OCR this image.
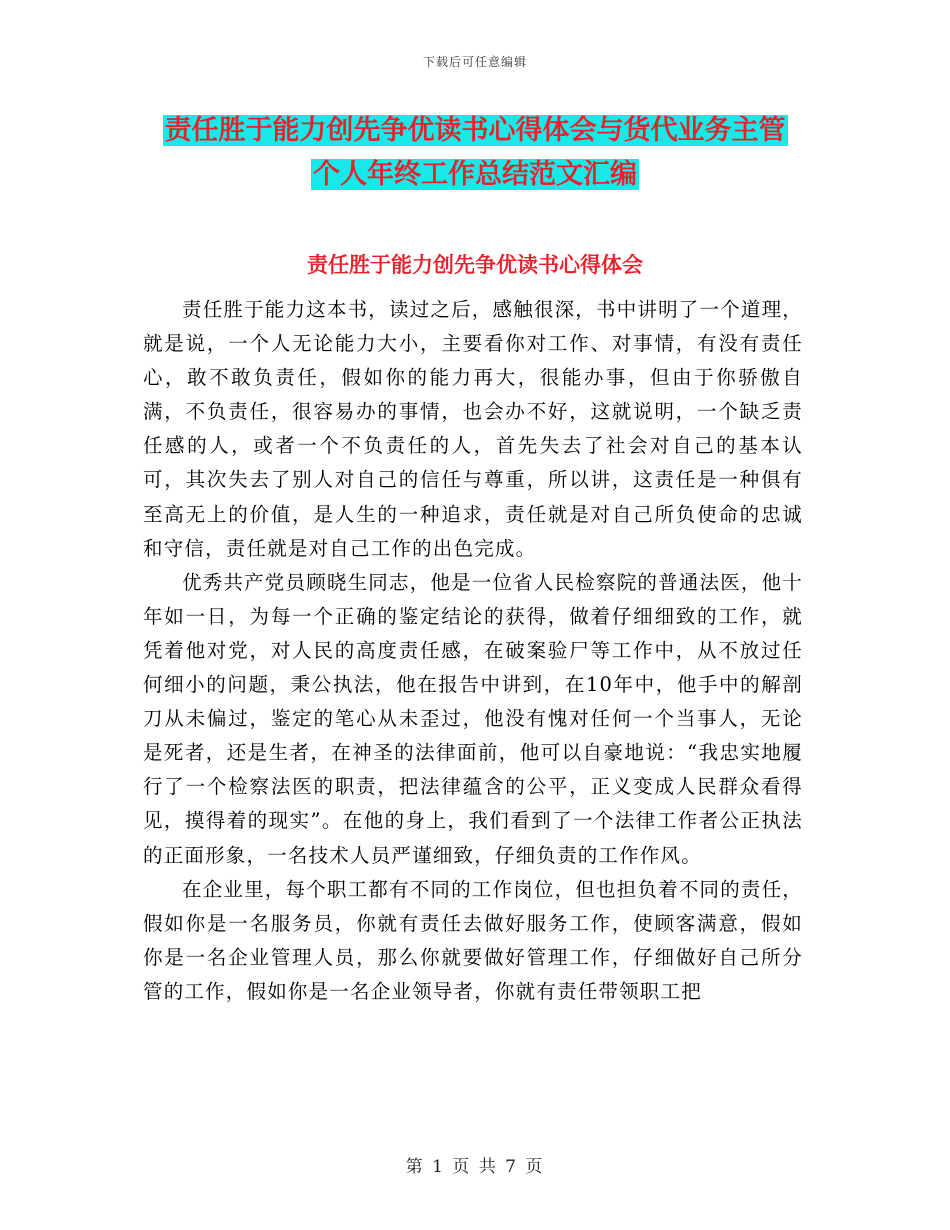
下载后可任意编辑
责任胜于能力创先争优读书心得体会与货代业务主管
个人年终工作总结范文汇编
责任胜于能力创先争优读书心得体会

责任胜于能力这本书，读过之后，感触很深，书中讲明了一个道理，就是说，一个人无论能力大小，主要看你对工作、对事情，有没有责任心，敢不敢负责任，假如你的能力再大，很能办事，但由于你骄傲自满，不负责任，很容易办的事情，也会办不好，这就说明，一个缺乏责任感的人，或者一个不负责任的人，首先失去了社会对自己的基本认可，其次失去了别人对自己的信任与尊重，所以讲，这责任是一种俱有至高无上的价值，是人生的一种追求，责任就是对自己所负使命的忠诚和守信，责任就是对自己工作的出色完成。

优秀共产党员顾晓生同志，他是一位省人民检察院的普通法医，他十年如一日，为每一个正确的鉴定结论的获得，做着仔细细致的工作，就凭着他对党，对人民的高度责任感，在破案验尸等工作中，从不放过任何细小的问题，秉公执法，他在报告中讲到，在10年中，他手中的解剖刀从未偏过，鉴定的笔心从未歪过，他没有愧对任何一个当事人，无论是死者，还是生者，在神圣的法律面前，他可以自豪地说：“我忠实地履行了一个检察法医的职责，把法律蕴含的公平，正义变成人民群众看得见，摸得着的现实”。在他的身上，我们看到了一个法律工作者公正执法的正面形象，一名技术人员严谨细致，仔细负责的工作作风。

在企业里，每个职工都有不同的工作岗位，但也担负着不同的责任，假如你是一名服务员，你就有责任去做好服务工作，使顾客满意，假如你是一名企业管理人员，那么你就要做好管理工作，仔细做好自己所分管的工作，假如你是一名企业领导者，你就有责任带领职工把

第 1 页 共 7 页
